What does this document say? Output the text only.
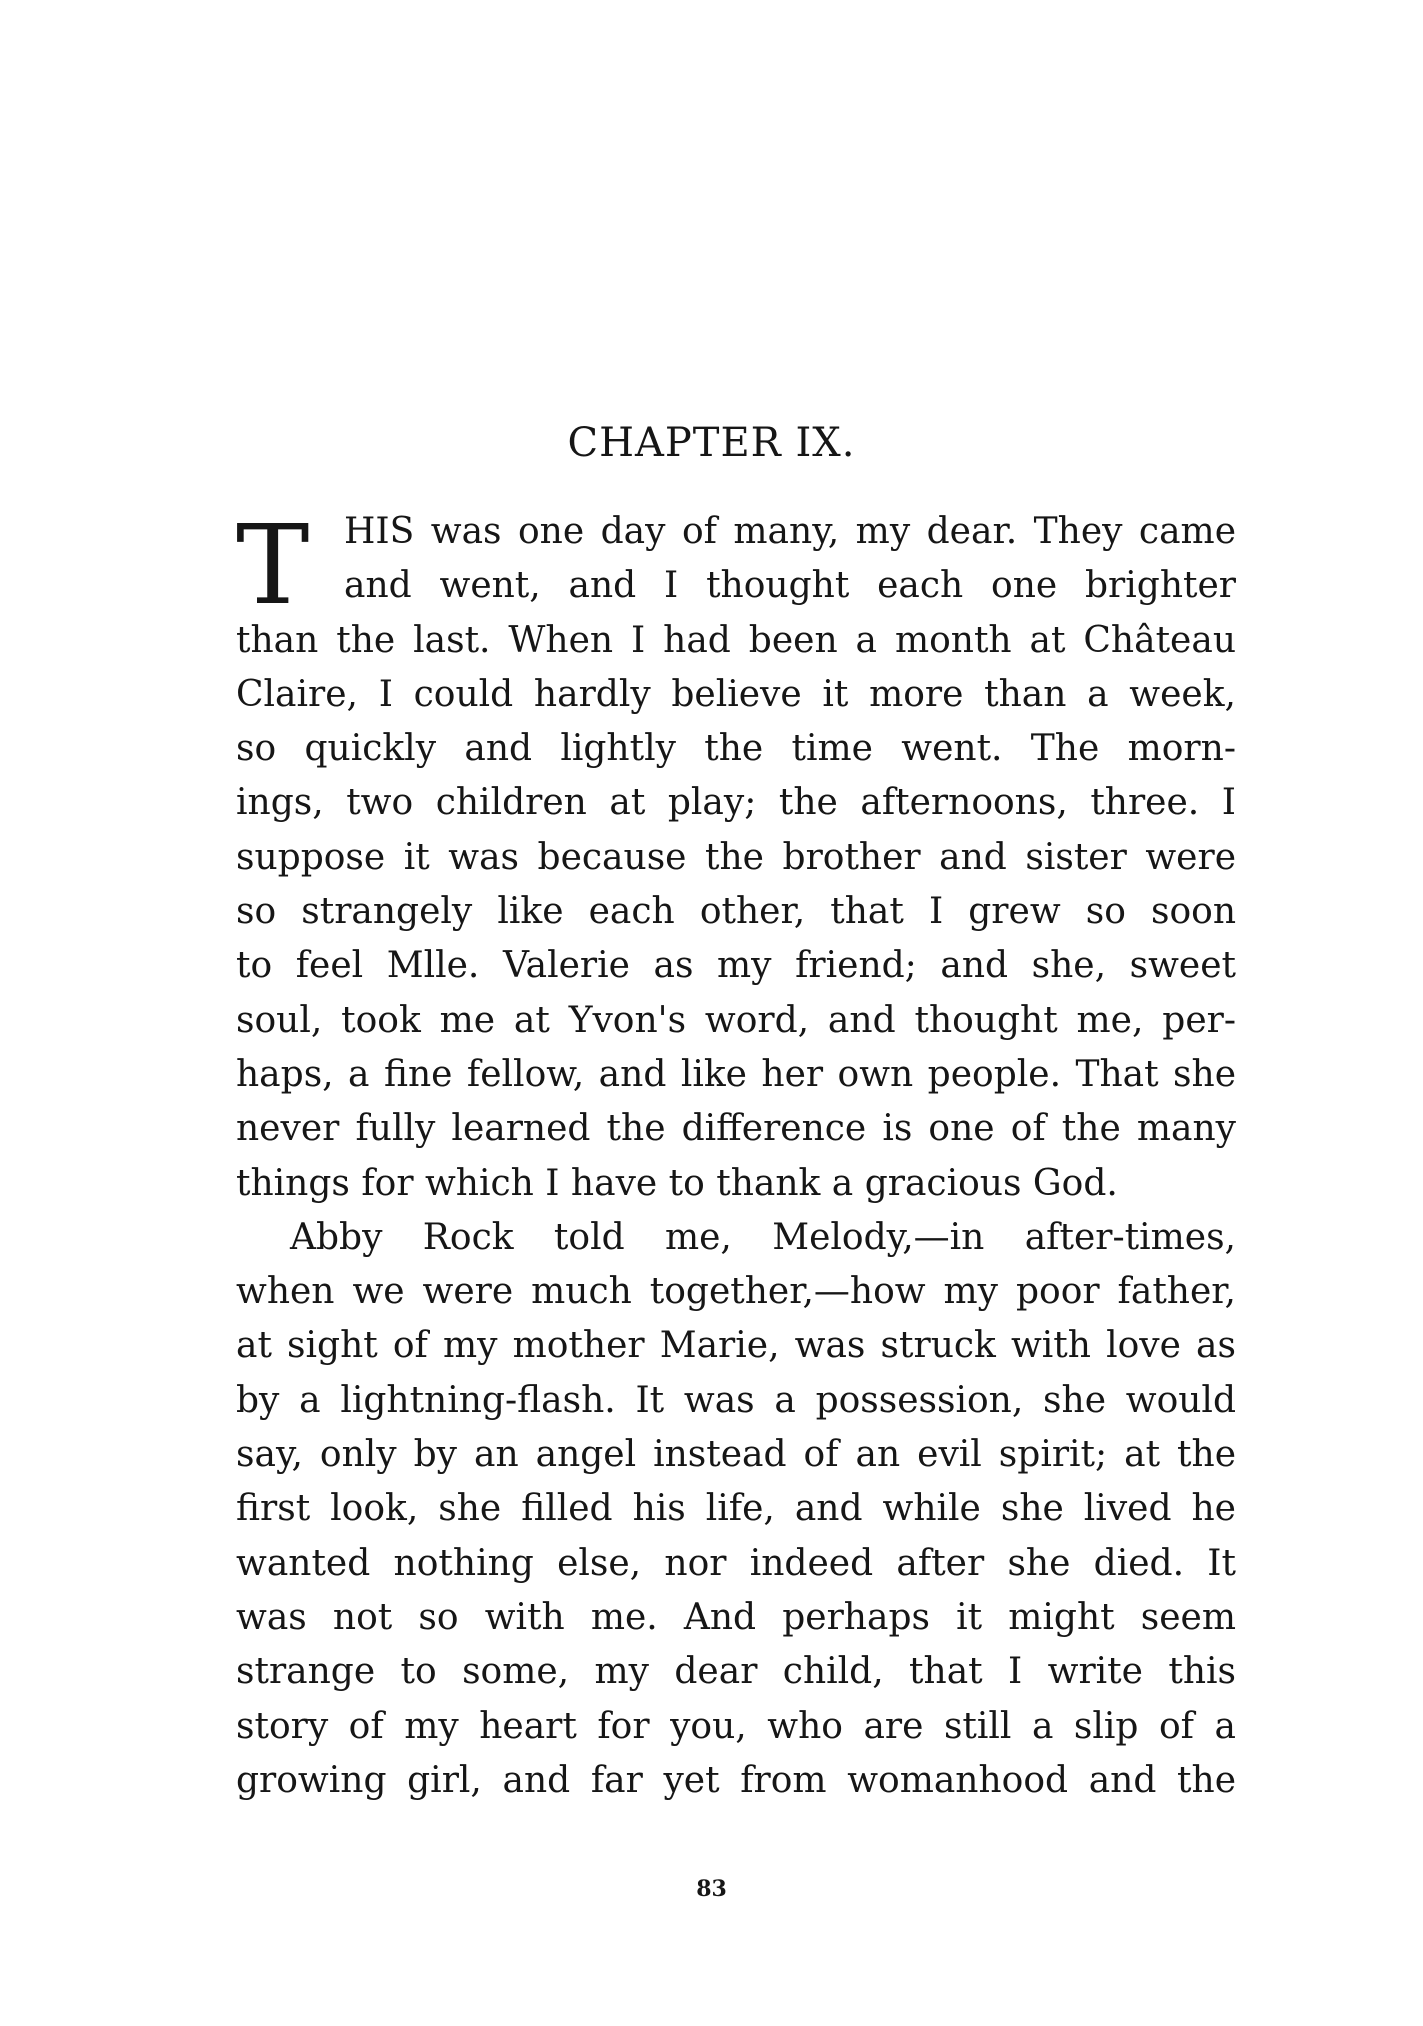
CHAPTER IX.
T HIS was one day of many, my dear. They came
and went, and I thought each one brighter
than the last. When I had been a month at Château
Claire, I could hardly believe it more than a week,
so quickly and lightly the time went. The morn-
ings, two children at play; the afternoons, three. I
suppose it was because the brother and sister were
so strangely like each other, that I grew so soon
to feel Mlle. Valerie as my friend; and she, sweet
soul, took me at Yvon's word, and thought me, per-
haps, a fine fellow, and like her own people. That she
never fully learned the difference is one of the many
things for which I have to thank a gracious God.
Abby Rock told me, Melody,—in after-times,
when we were much together,—how my poor father,
at sight of my mother Marie, was struck with love as
by a lightning-flash. It was a possession, she would
say, only by an angel instead of an evil spirit; at the
first look, she filled his life, and while she lived he
wanted nothing else, nor indeed after she died. It
was not so with me. And perhaps it might seem
strange to some, my dear child, that I write this
story of my heart for you, who are still a slip of a
growing girl, and far yet from womanhood and the
83
